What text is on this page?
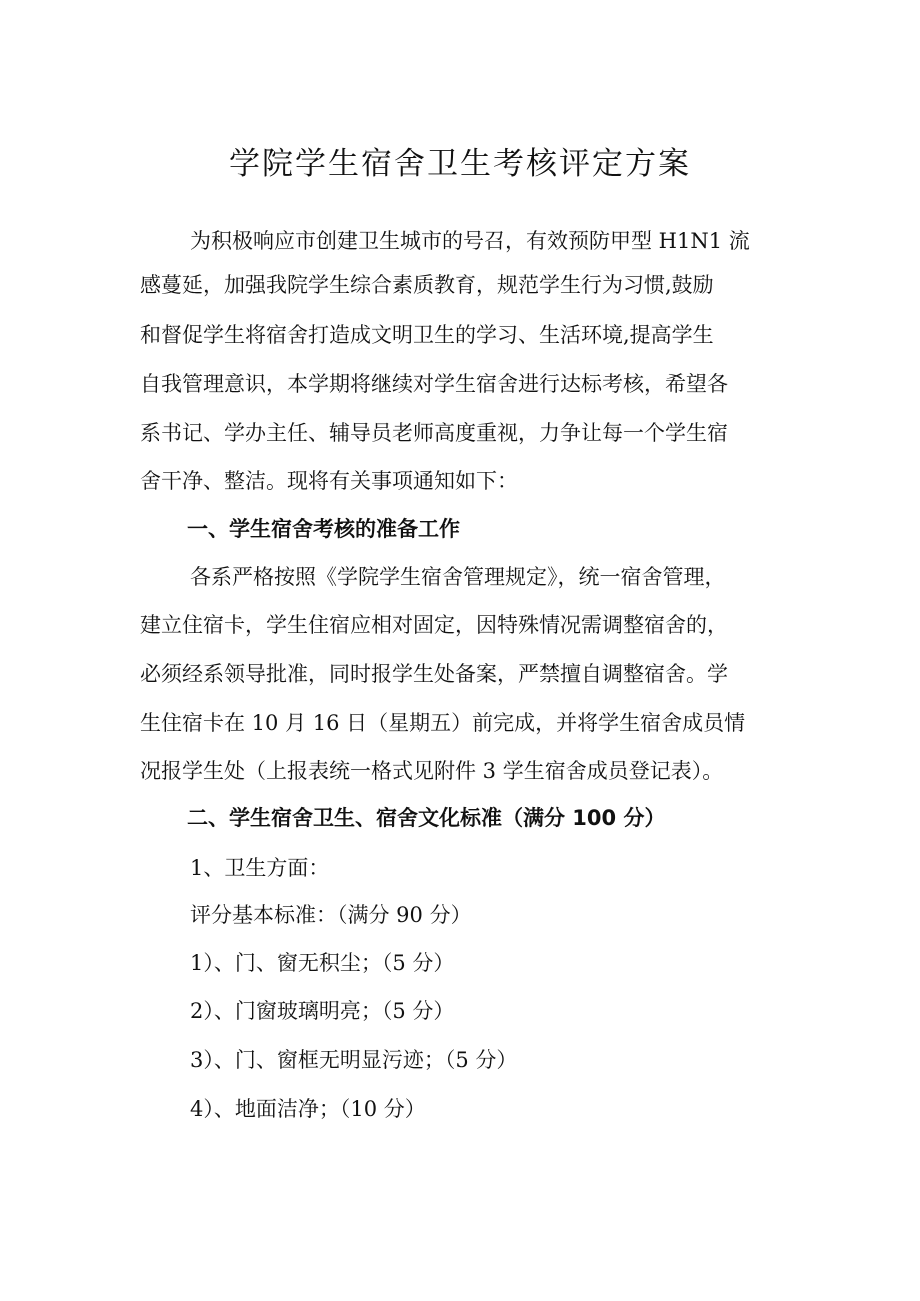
学院学生宿舍卫生考核评定方案
为积极响应市创建卫生城市的号召，有效预防甲型 H1N1 流
感蔓延，加强我院学生综合素质教育，规范学生行为习惯,鼓励
和督促学生将宿舍打造成文明卫生的学习、生活环境,提高学生
自我管理意识，本学期将继续对学生宿舍进行达标考核，希望各
系书记、学办主任、辅导员老师高度重视，力争让每一个学生宿
舍干净、整洁。现将有关事项通知如下：
一、学生宿舍考核的准备工作
各系严格按照《学院学生宿舍管理规定》，统一宿舍管理，
建立住宿卡，学生住宿应相对固定，因特殊情况需调整宿舍的，
必须经系领导批准，同时报学生处备案，严禁擅自调整宿舍。学
生住宿卡在 10 月 16 日（星期五）前完成，并将学生宿舍成员情
况报学生处（上报表统一格式见附件 3 学生宿舍成员登记表）。
二、学生宿舍卫生、宿舍文化标准（满分 100 分）
1、卫生方面：
评分基本标准：（满分 90 分）
1）、门、窗无积尘；（5 分）
2）、门窗玻璃明亮；（5 分）
3）、门、窗框无明显污迹；（5 分）
4）、地面洁净；（10 分）
